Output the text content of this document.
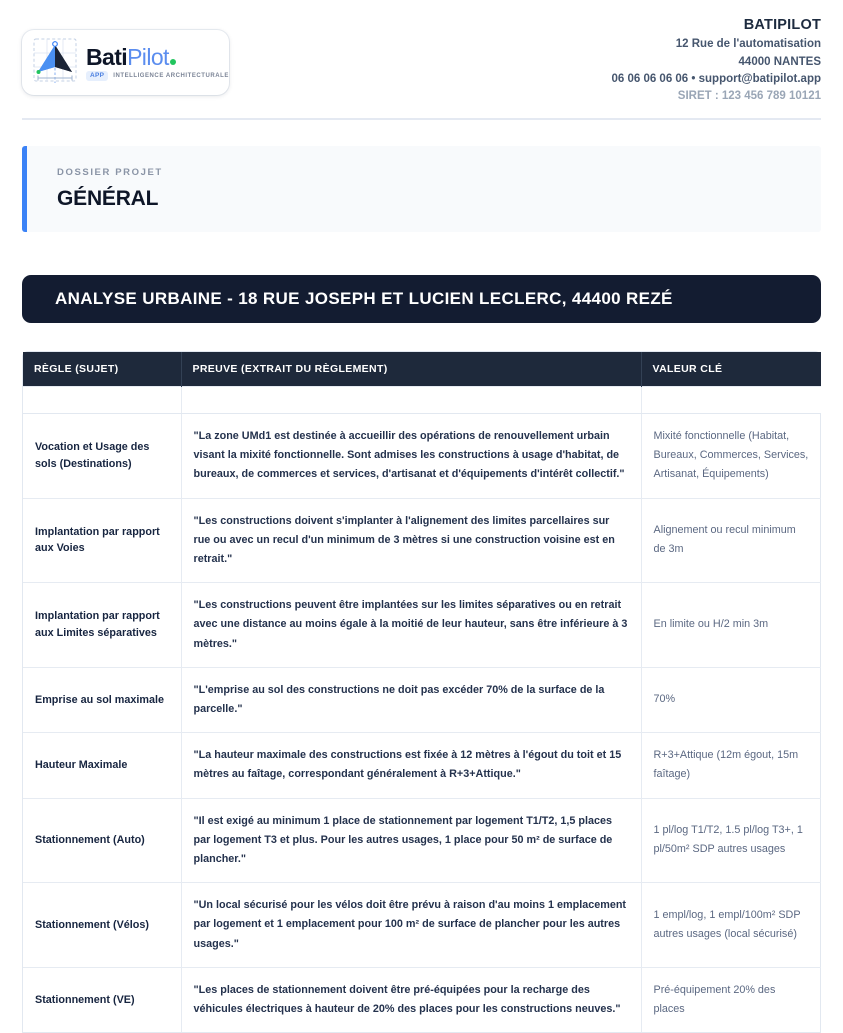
BatiPilot
APP	INTELLIGENCE ARCHITECTURALE
BATIPILOT
12 Rue de l'automatisation
44000 NANTES
06 06 06 06 06 • support@batipilot.app
SIRET : 123 456 789 10121
DOSSIER PROJET
GÉNÉRAL
ANALYSE URBAINE - 18 RUE JOSEPH ET LUCIEN LECLERC, 44400 REZÉ

RÈGLE (SUJET)	PREUVE (EXTRAIT DU RÈGLEMENT)	VALEUR CLÉ
Vocation et Usage des sols (Destinations)	"La zone UMd1 est destinée à accueillir des opérations de renouvellement urbain visant la mixité fonctionnelle. Sont admises les constructions à usage d'habitat, de bureaux, de commerces et services, d'artisanat et d'équipements d'intérêt collectif."	Mixité fonctionnelle (Habitat, Bureaux, Commerces, Services, Artisanat, Équipements)
Implantation par rapport aux Voies	"Les constructions doivent s'implanter à l'alignement des limites parcellaires sur rue ou avec un recul d'un minimum de 3 mètres si une construction voisine est en retrait."	Alignement ou recul minimum de 3m
Implantation par rapport aux Limites séparatives	"Les constructions peuvent être implantées sur les limites séparatives ou en retrait avec une distance au moins égale à la moitié de leur hauteur, sans être inférieure à 3 mètres."	En limite ou H/2 min 3m
Emprise au sol maximale	"L'emprise au sol des constructions ne doit pas excéder 70% de la surface de la parcelle."	70%
Hauteur Maximale	"La hauteur maximale des constructions est fixée à 12 mètres à l'égout du toit et 15 mètres au faîtage, correspondant généralement à R+3+Attique."	R+3+Attique (12m égout, 15m faîtage)
Stationnement (Auto)	"Il est exigé au minimum 1 place de stationnement par logement T1/T2, 1,5 places par logement T3 et plus. Pour les autres usages, 1 place pour 50 m² de surface de plancher."	1 pl/log T1/T2, 1.5 pl/log T3+, 1 pl/50m² SDP autres usages
Stationnement (Vélos)	"Un local sécurisé pour les vélos doit être prévu à raison d'au moins 1 emplacement par logement et 1 emplacement pour 100 m² de surface de plancher pour les autres usages."	1 empl/log, 1 empl/100m² SDP autres usages (local sécurisé)
Stationnement (VE)	"Les places de stationnement doivent être pré-équipées pour la recharge des véhicules électriques à hauteur de 20% des places pour les constructions neuves."	Pré-équipement 20% des places
